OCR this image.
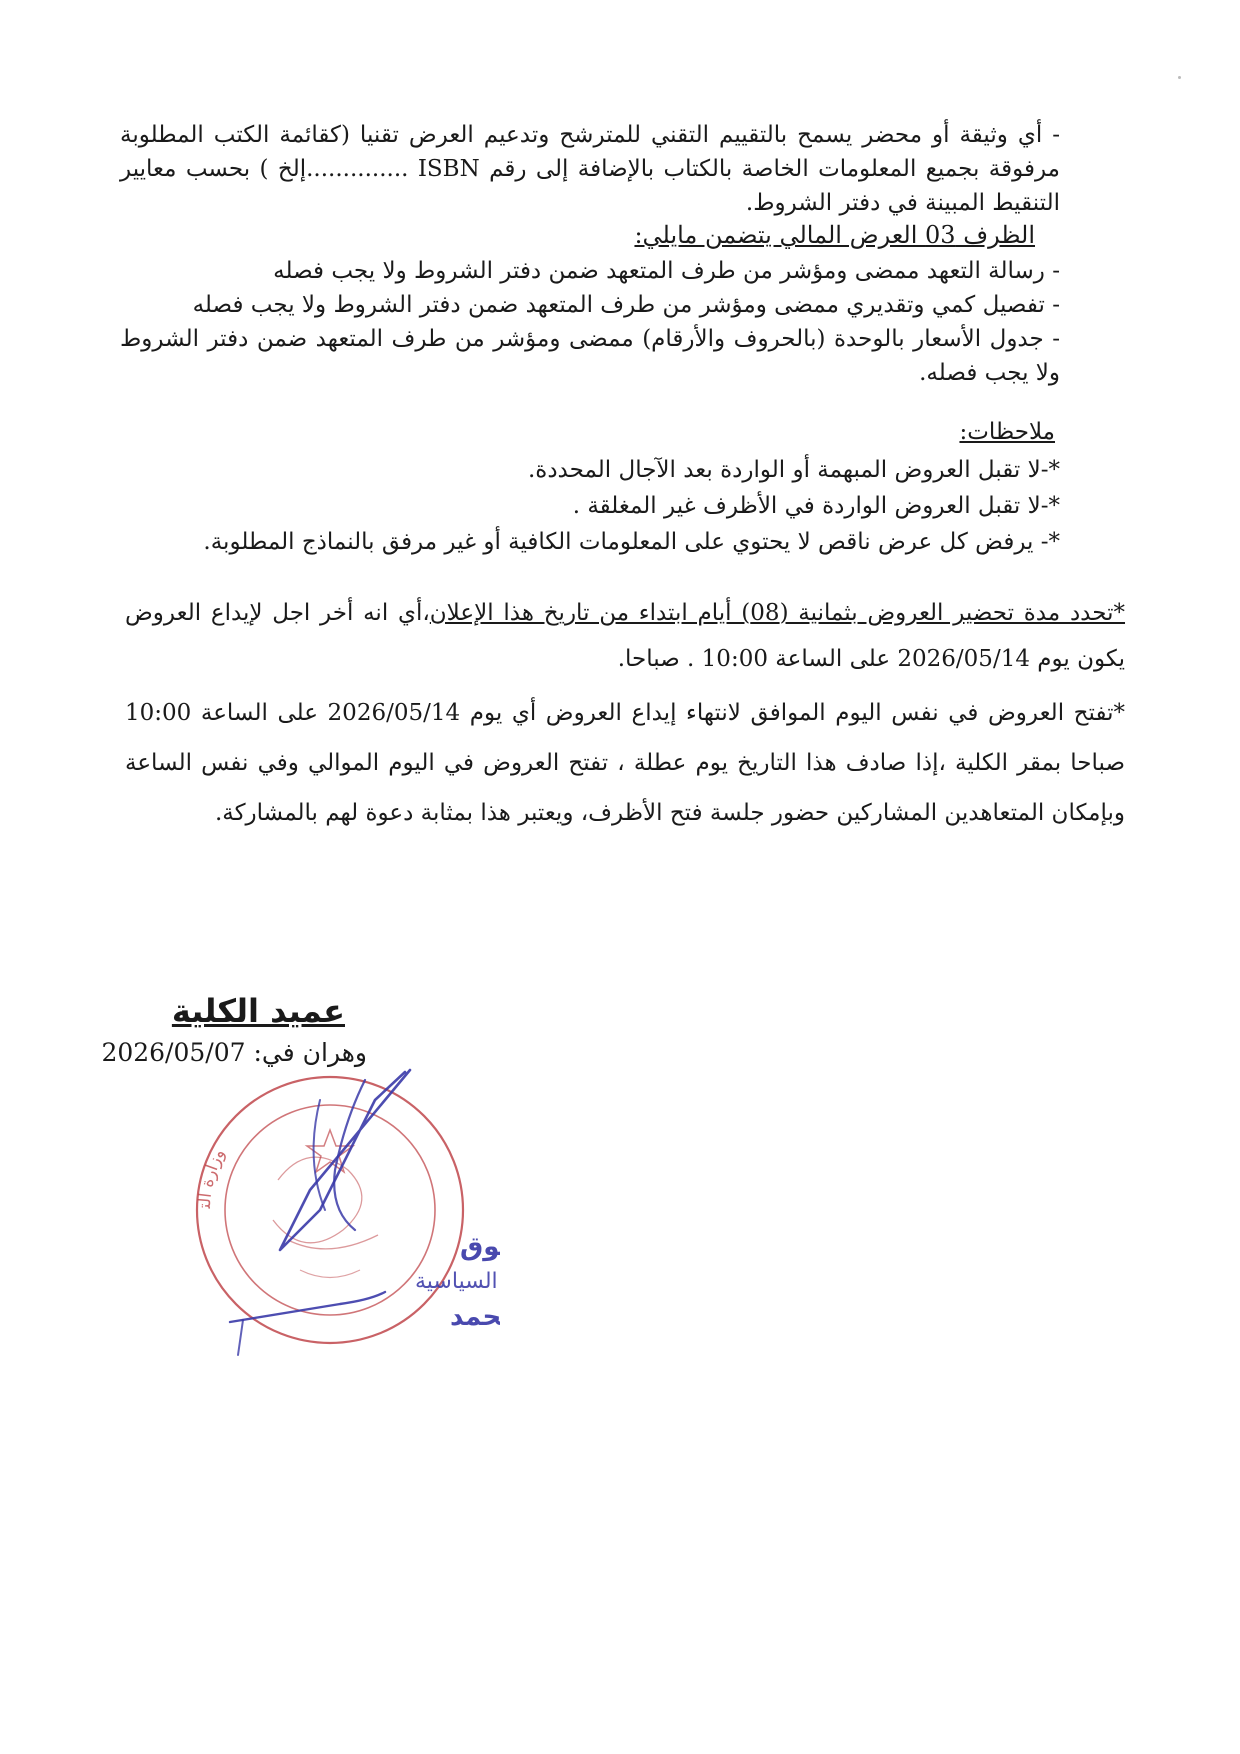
- أي وثيقة أو محضر يسمح بالتقييم التقني للمترشح وتدعيم العرض تقنيا (كقائمة الكتب المطلوبة مرفوقة بجميع المعلومات الخاصة بالكتاب بالإضافة إلى رقم ISBN ..............إلخ ) بحسب معايير التنقيط المبينة في دفتر الشروط.
الظرف 03 العرض المالي يتضمن مايلي:
- رسالة التعهد ممضى ومؤشر من طرف المتعهد ضمن دفتر الشروط ولا يجب فصله
- تفصيل كمي وتقديري ممضى ومؤشر من طرف المتعهد ضمن دفتر الشروط ولا يجب فصله
- جدول الأسعار بالوحدة (بالحروف والأرقام) ممضى ومؤشر من طرف المتعهد ضمن دفتر الشروط ولا يجب فصله.
ملاحظات:
*-لا تقبل العروض المبهمة أو الواردة بعد الآجال المحددة.
*-لا تقبل العروض الواردة في الأظرف غير المغلقة .
*- يرفض كل عرض ناقص لا يحتوي على المعلومات الكافية أو غير مرفق بالنماذج المطلوبة.
*تحدد مدة تحضير العروض بثمانية (08) أيام ابتداء من تاريخ هذا الإعلان،أي انه أخر اجل لإيداع العروض يكون يوم 2026/05/14 على الساعة 10:00 . صباحا.
*تفتح العروض في نفس اليوم الموافق لانتهاء إيداع العروض أي يوم 2026/05/14 على الساعة 10:00 صباحا بمقر الكلية ،إذا صادف هذا التاريخ يوم عطلة ، تفتح العروض في اليوم الموالي وفي نفس الساعة وبإمكان المتعاهدين المشاركين حضور جلسة فتح الأظرف، ويعتبر هذا بمثابة دعوة لهم بالمشاركة.
عميد الكلية
وهران في: 2026/05/07
وزارة الت
وق
السياسية
حمد
